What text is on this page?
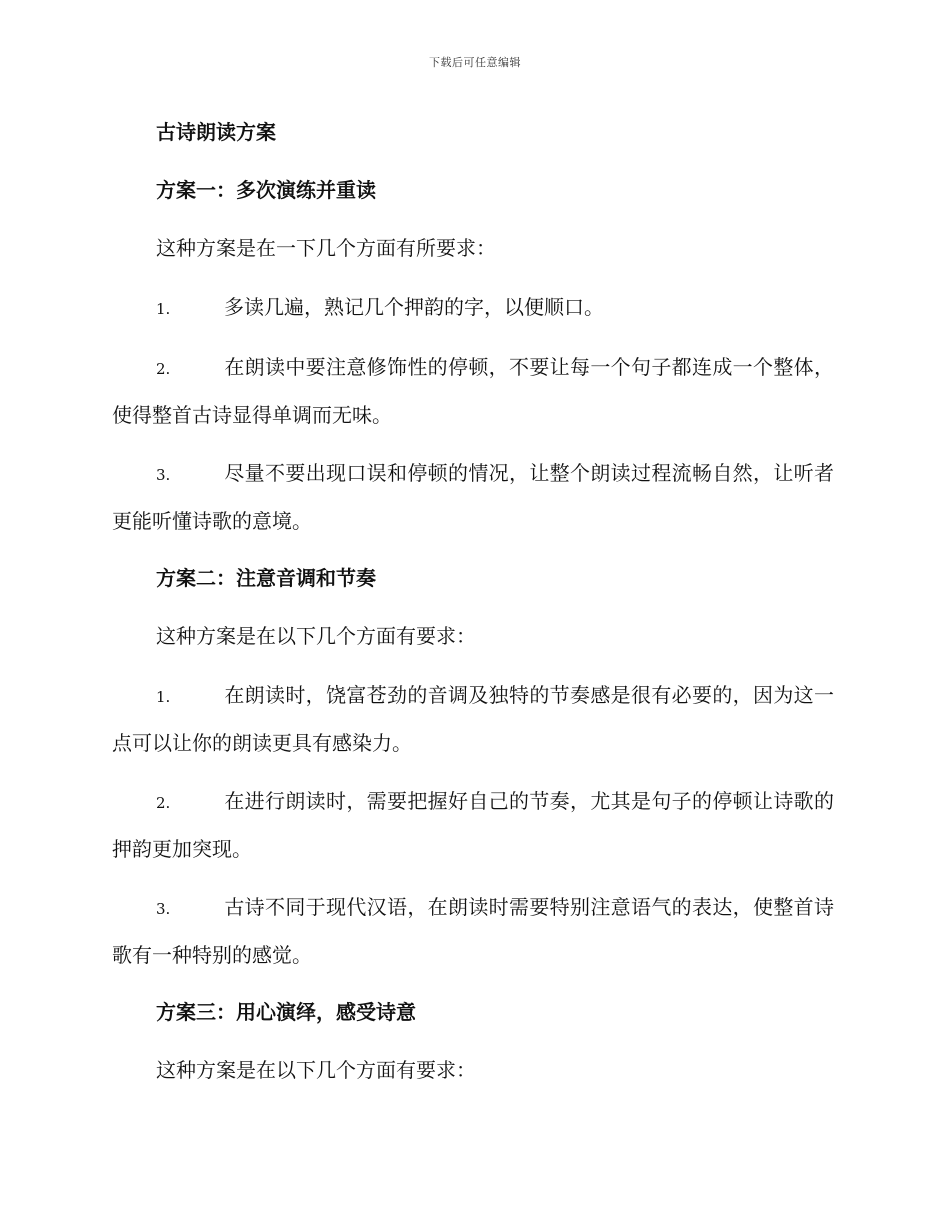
下载后可任意编辑
古诗朗读方案
方案一：多次演练并重读
这种方案是在一下几个方面有所要求：
1.	多读几遍，熟记几个押韵的字，以便顺口。
2.	在朗读中要注意修饰性的停顿，不要让每一个句子都连成一个整体，使得整首古诗显得单调而无味。
3.	尽量不要出现口误和停顿的情况，让整个朗读过程流畅自然，让听者更能听懂诗歌的意境。
方案二：注意音调和节奏
这种方案是在以下几个方面有要求：
1.	在朗读时，饶富苍劲的音调及独特的节奏感是很有必要的，因为这一点可以让你的朗读更具有感染力。
2.	在进行朗读时，需要把握好自己的节奏，尤其是句子的停顿让诗歌的押韵更加突现。
3.	古诗不同于现代汉语，在朗读时需要特别注意语气的表达，使整首诗歌有一种特别的感觉。
方案三：用心演绎，感受诗意
这种方案是在以下几个方面有要求：
